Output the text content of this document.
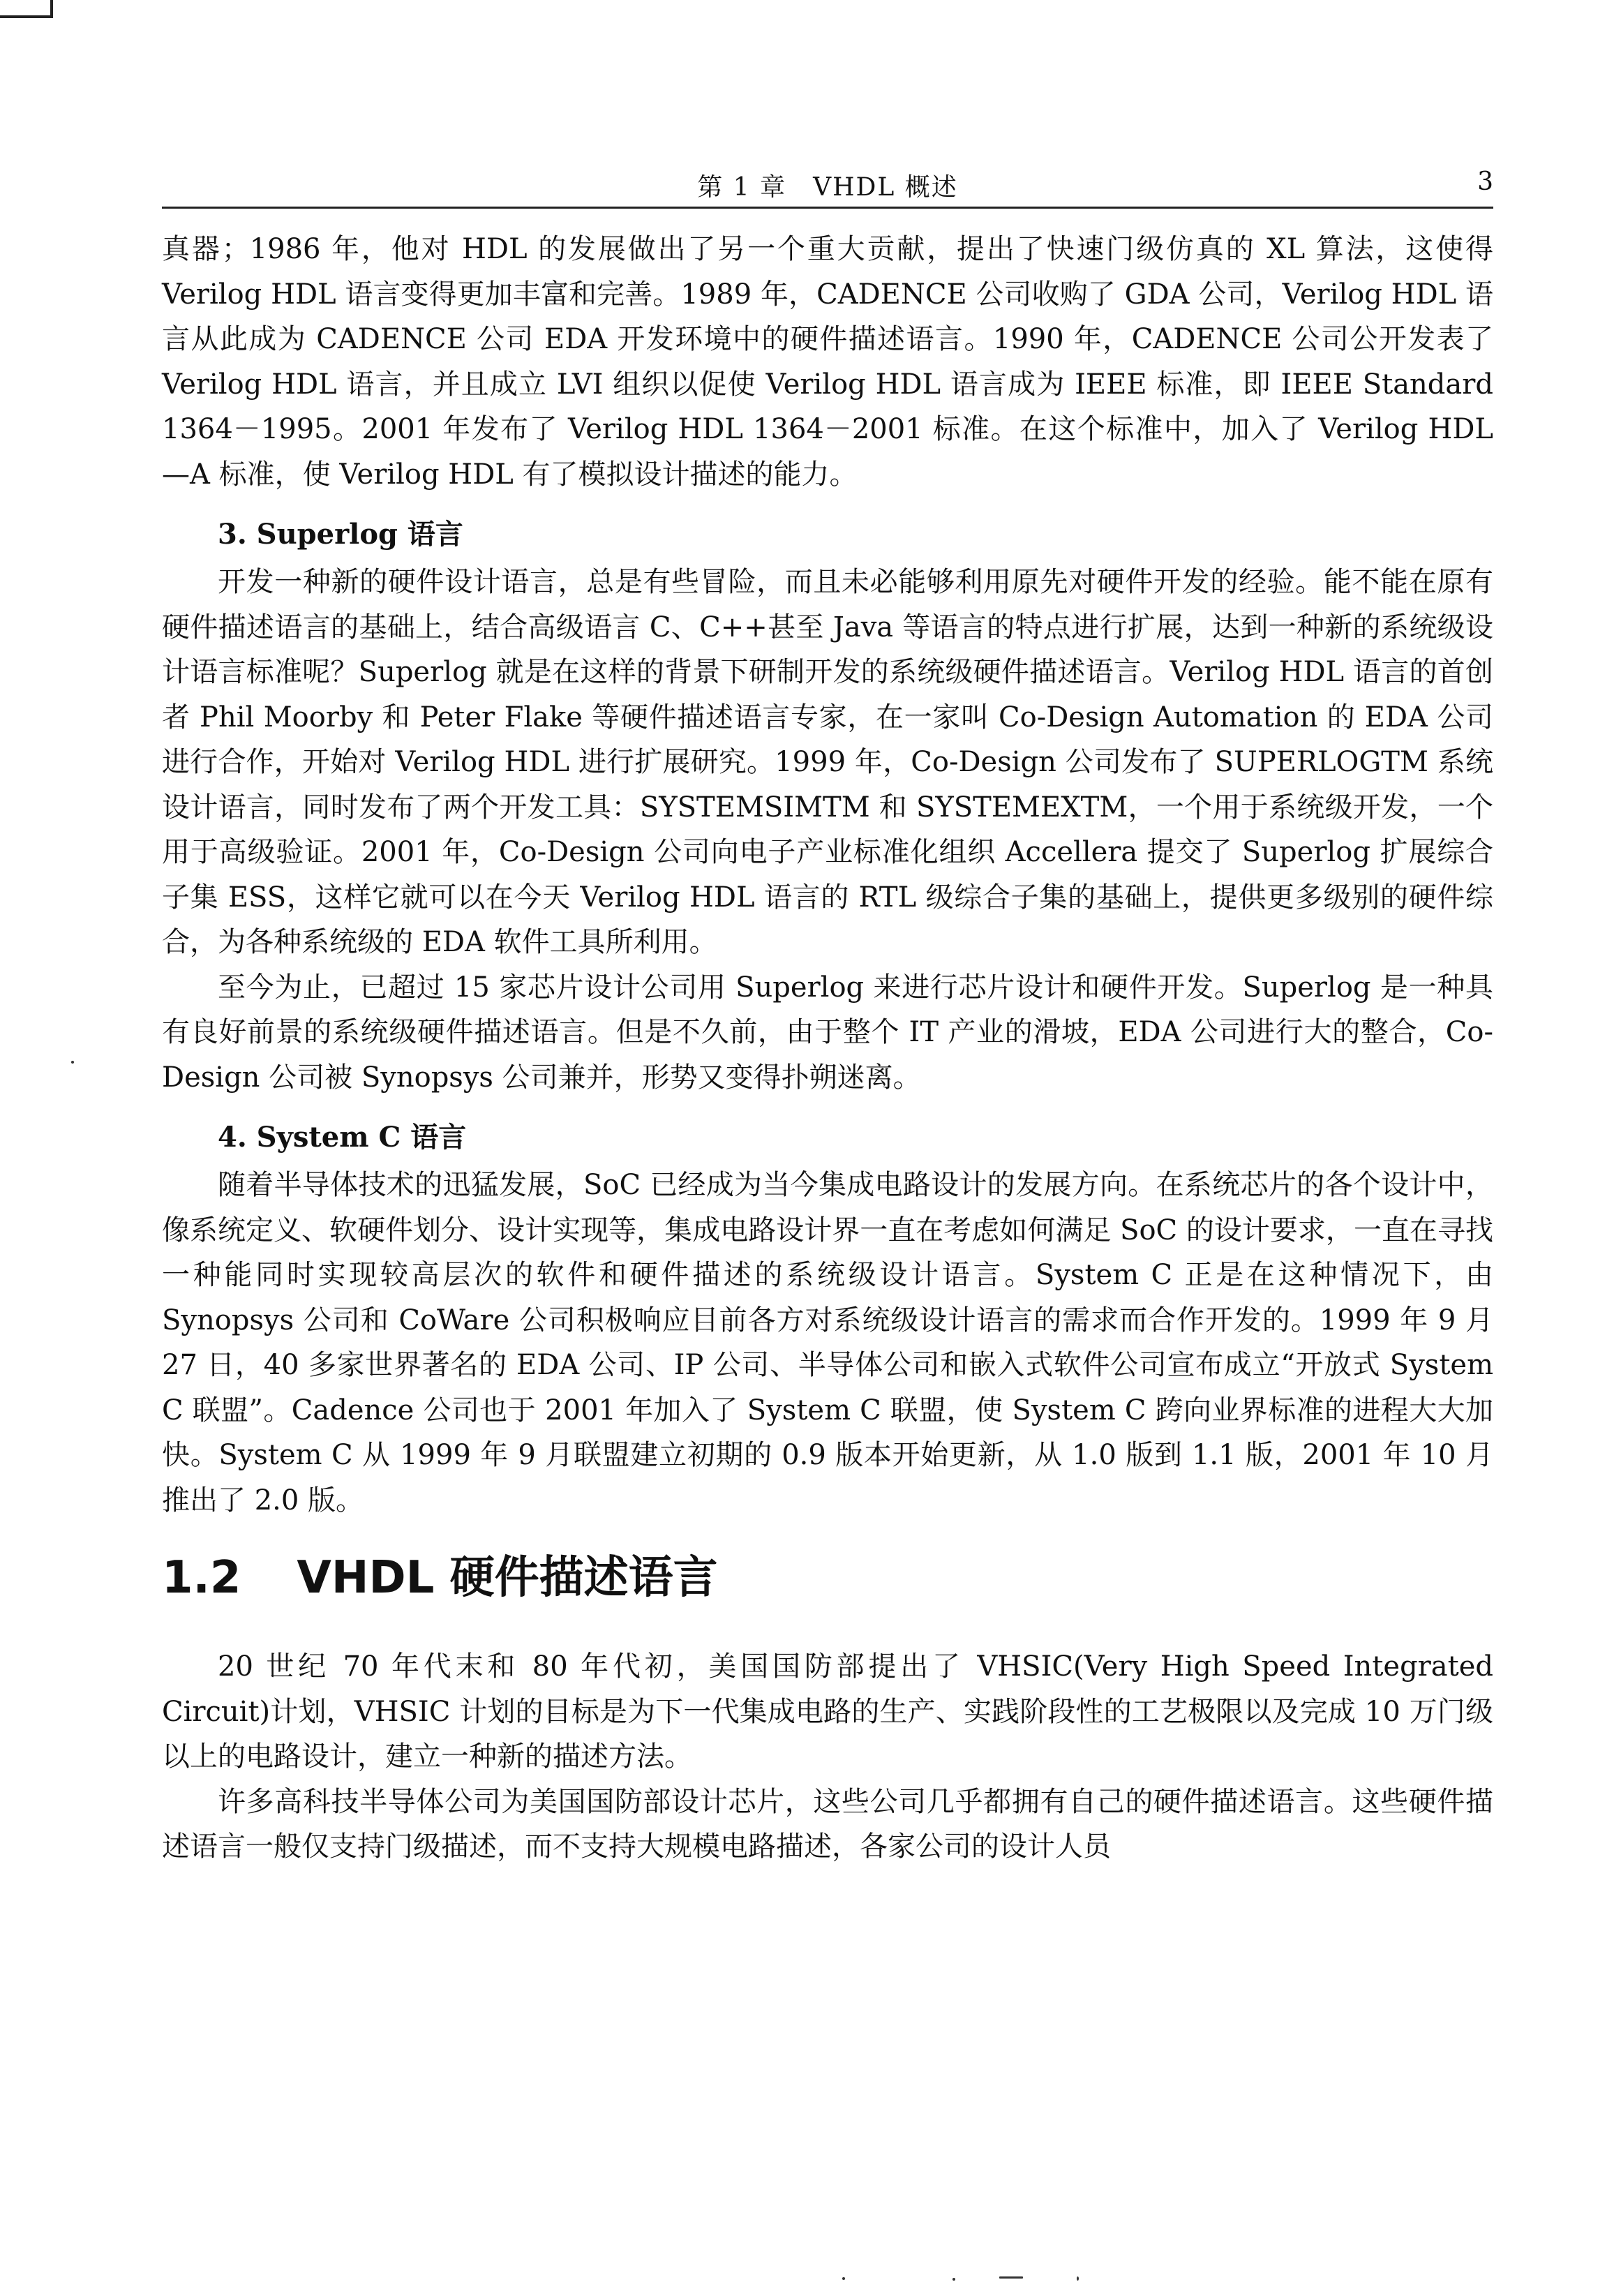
第 1 章　VHDL 概述	3

真器；1986 年，他对 HDL 的发展做出了另一个重大贡献，提出了快速门级仿真的 XL 算法，这使得 Verilog HDL 语言变得更加丰富和完善。1989 年，CADENCE 公司收购了 GDA 公司，Verilog HDL 语言从此成为 CADENCE 公司 EDA 开发环境中的硬件描述语言。1990 年，CADENCE 公司公开发表了 Verilog HDL 语言，并且成立 LVI 组织以促使 Verilog HDL 语言成为 IEEE 标准，即 IEEE Standard 1364－1995。2001 年发布了 Verilog HDL 1364－2001 标准。在这个标准中，加入了 Verilog HDL—A 标准，使 Verilog HDL 有了模拟设计描述的能力。

3. Superlog 语言

开发一种新的硬件设计语言，总是有些冒险，而且未必能够利用原先对硬件开发的经验。能不能在原有硬件描述语言的基础上，结合高级语言 C、C++甚至 Java 等语言的特点进行扩展，达到一种新的系统级设计语言标准呢？Superlog 就是在这样的背景下研制开发的系统级硬件描述语言。Verilog HDL 语言的首创者 Phil Moorby 和 Peter Flake 等硬件描述语言专家，在一家叫 Co-Design Automation 的 EDA 公司进行合作，开始对 Verilog HDL 进行扩展研究。1999 年，Co-Design 公司发布了 SUPERLOGTM 系统设计语言，同时发布了两个开发工具：SYSTEMSIMTM 和 SYSTEMEXTM，一个用于系统级开发，一个用于高级验证。2001 年，Co-Design 公司向电子产业标准化组织 Accellera 提交了 Superlog 扩展综合子集 ESS，这样它就可以在今天 Verilog HDL 语言的 RTL 级综合子集的基础上，提供更多级别的硬件综合，为各种系统级的 EDA 软件工具所利用。

至今为止，已超过 15 家芯片设计公司用 Superlog 来进行芯片设计和硬件开发。Superlog 是一种具有良好前景的系统级硬件描述语言。但是不久前，由于整个 IT 产业的滑坡，EDA 公司进行大的整合，Co-Design 公司被 Synopsys 公司兼并，形势又变得扑朔迷离。

4. System C 语言

随着半导体技术的迅猛发展，SoC 已经成为当今集成电路设计的发展方向。在系统芯片的各个设计中，像系统定义、软硬件划分、设计实现等，集成电路设计界一直在考虑如何满足 SoC 的设计要求，一直在寻找一种能同时实现较高层次的软件和硬件描述的系统级设计语言。System C 正是在这种情况下，由 Synopsys 公司和 CoWare 公司积极响应目前各方对系统级设计语言的需求而合作开发的。1999 年 9 月 27 日，40 多家世界著名的 EDA 公司、IP 公司、半导体公司和嵌入式软件公司宣布成立“开放式 System C 联盟”。Cadence 公司也于 2001 年加入了 System C 联盟，使 System C 跨向业界标准的进程大大加快。System C 从 1999 年 9 月联盟建立初期的 0.9 版本开始更新，从 1.0 版到 1.1 版，2001 年 10 月推出了 2.0 版。

1.2 VHDL 硬件描述语言

20 世纪 70 年代末和 80 年代初，美国国防部提出了 VHSIC(Very High Speed Integrated Circuit)计划，VHSIC 计划的目标是为下一代集成电路的生产、实践阶段性的工艺极限以及完成 10 万门级以上的电路设计，建立一种新的描述方法。

许多高科技半导体公司为美国国防部设计芯片，这些公司几乎都拥有自己的硬件描述语言。这些硬件描述语言一般仅支持门级描述，而不支持大规模电路描述，各家公司的设计人员
